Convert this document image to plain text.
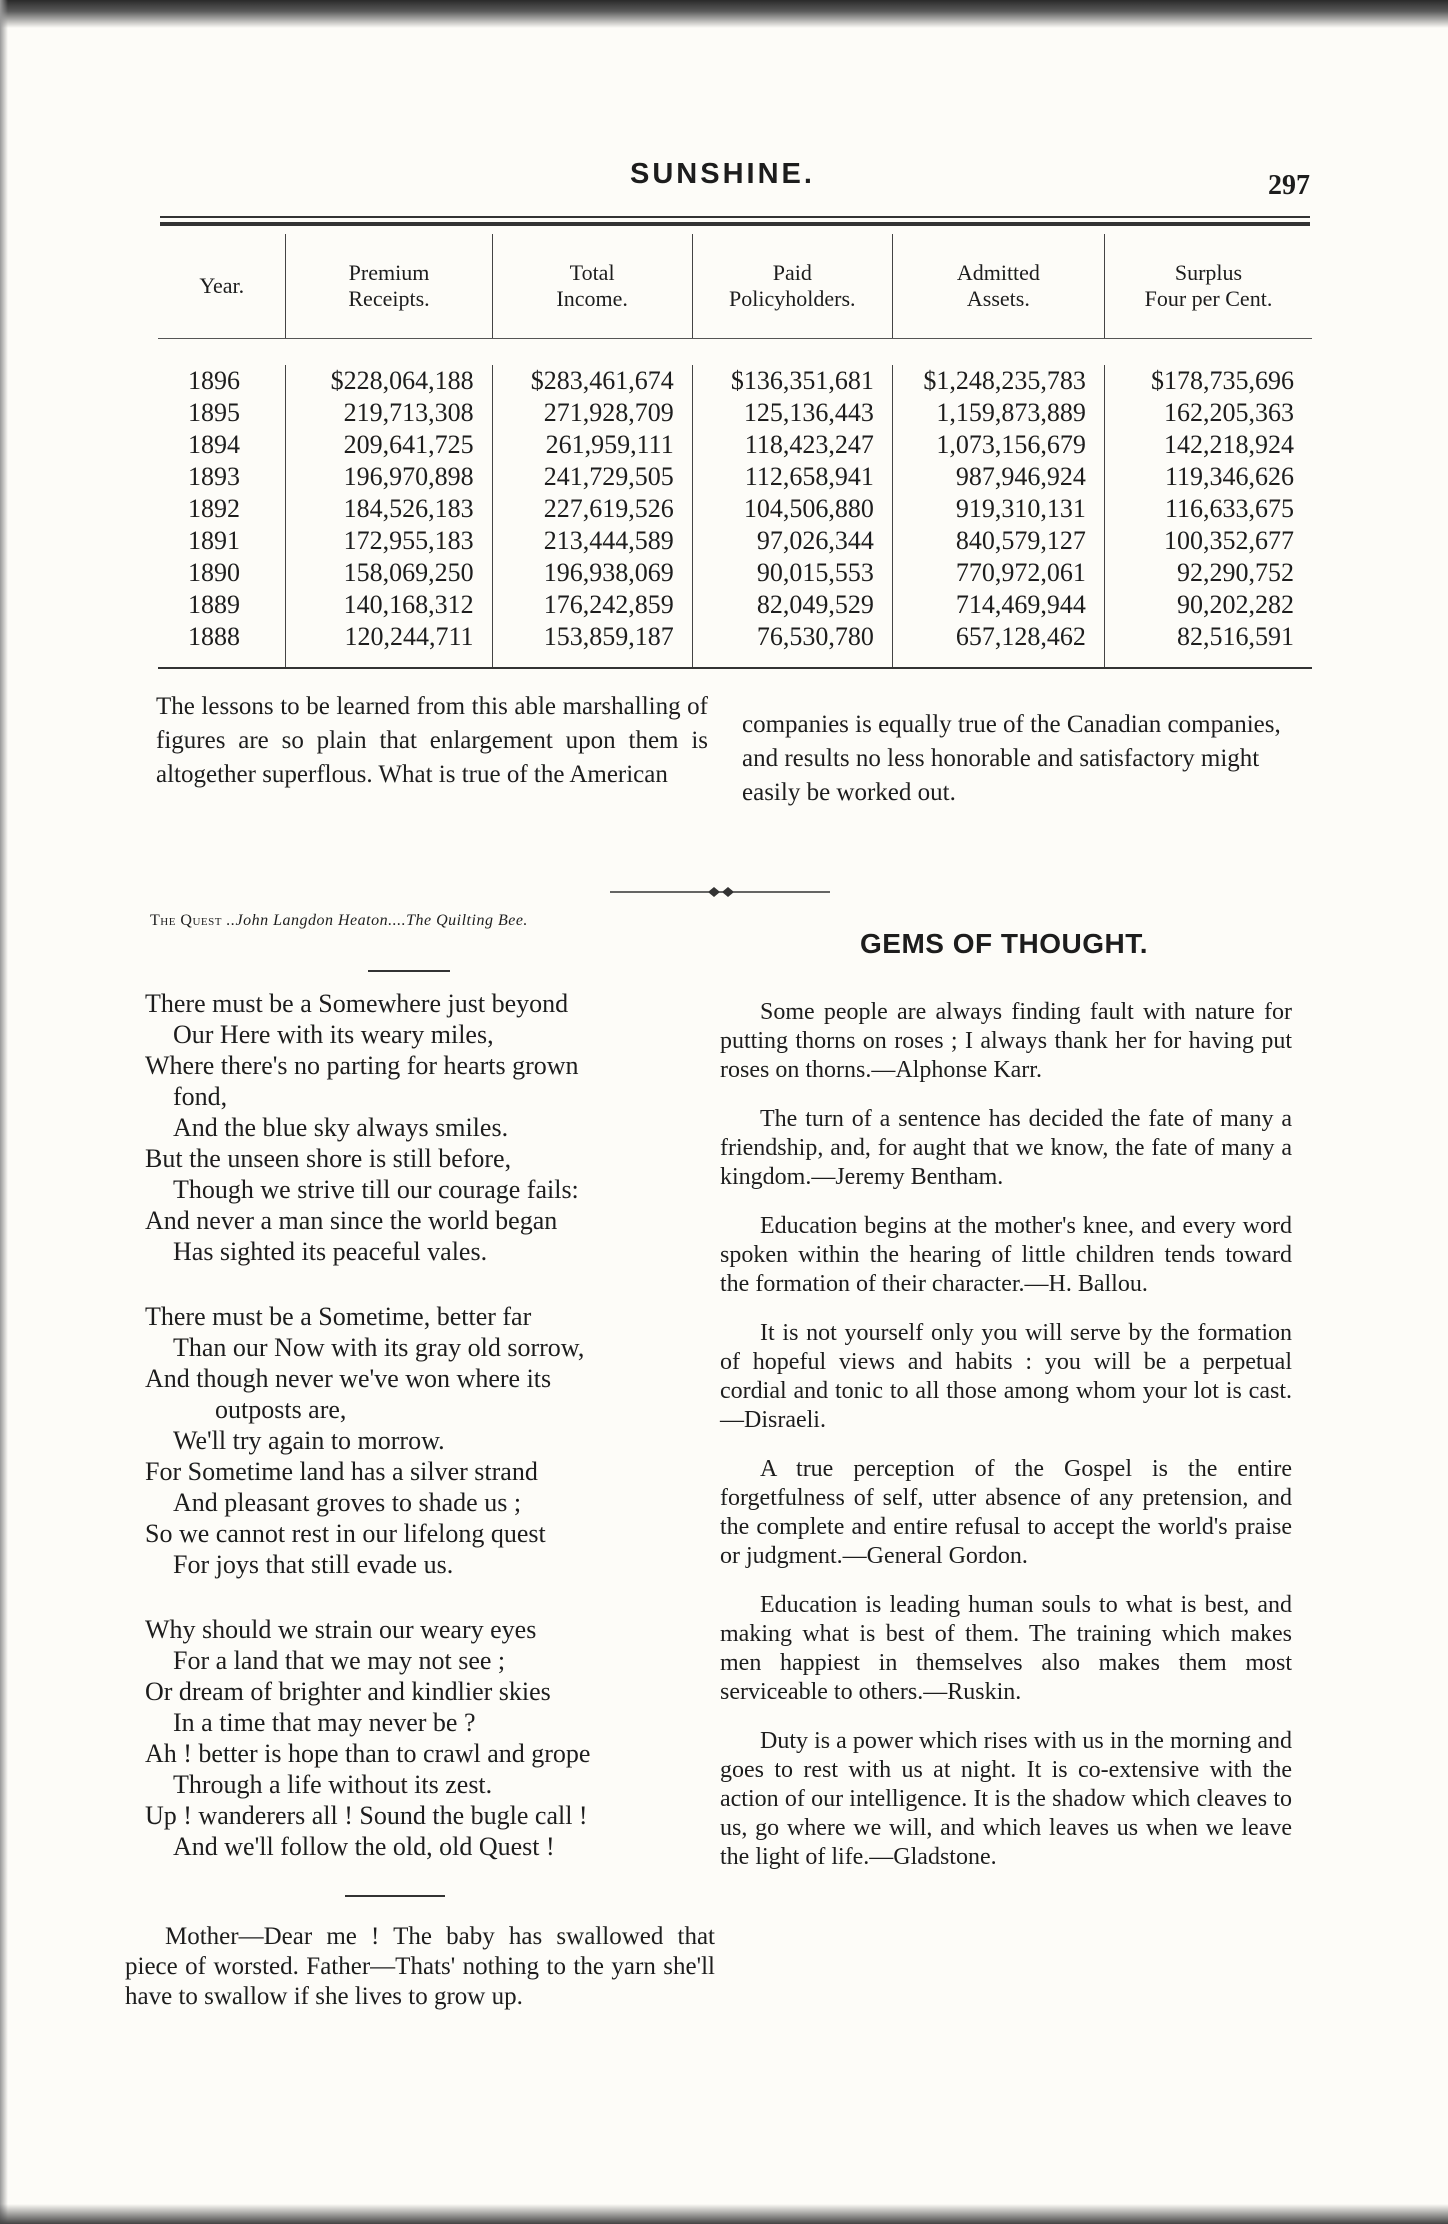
SUNSHINE.	297
Year.
Premium
Receipts.
Total
Income.
Paid
Policyholders.
Admitted
Assets.
Surplus
Four per Cent.
1896
1895
1894
1893
1892
1891
1890
1889
1888
$228,064,188
219,713,308
209,641,725
196,970,898
184,526,183
172,955,183
158,069,250
140,168,312
120,244,711
$283,461,674
271,928,709
261,959,111
241,729,505
227,619,526
213,444,589
196,938,069
176,242,859
153,859,187
$136,351,681
125,136,443
118,423,247
112,658,941
104,506,880
97,026,344
90,015,553
82,049,529
76,530,780
$1,248,235,783
1,159,873,889
1,073,156,679
987,946,924
919,310,131
840,579,127
770,972,061
714,469,944
657,128,462
$178,735,696
162,205,363
142,218,924
119,346,626
116,633,675
100,352,677
92,290,752
90,202,282
82,516,591

The lessons to be learned from this able marshalling of figures are so plain that enlargement upon them is altogether superflous. What is true of the American

companies is equally true of the Canadian companies, and results no less honorable and satisfactory might easily be worked out.

The Quest ..John Langdon Heaton....The Quilting Bee.
There must be a Somewhere just beyond
Our Here with its weary miles,
Where there's no parting for hearts grown
fond,
And the blue sky always smiles.
But the unseen shore is still before,
Though we strive till our courage fails:
And never a man since the world began
Has sighted its peaceful vales.
There must be a Sometime, better far
Than our Now with its gray old sorrow,
And though never we've won where its
outposts are,
We'll try again to morrow.
For Sometime land has a silver strand
And pleasant groves to shade us ;
So we cannot rest in our lifelong quest
For joys that still evade us.
Why should we strain our weary eyes
For a land that we may not see ;
Or dream of brighter and kindlier skies
In a time that may never be ?
Ah ! better is hope than to crawl and grope
Through a life without its zest.
Up ! wanderers all ! Sound the bugle call !
And we'll follow the old, old Quest !

Mother—Dear me ! The baby has swallowed that piece of worsted. Father—Thats' nothing to the yarn she'll have to swallow if she lives to grow up.

GEMS OF THOUGHT.

Some people are always finding fault with nature for putting thorns on roses ; I always thank her for having put roses on thorns.—Alphonse Karr.

The turn of a sentence has decided the fate of many a friendship, and, for aught that we know, the fate of many a kingdom.—Jeremy Bentham.

Education begins at the mother's knee, and every word spoken within the hearing of little children tends toward the formation of their character.—H. Ballou.

It is not yourself only you will serve by the formation of hopeful views and habits : you will be a perpetual cordial and tonic to all those among whom your lot is cast.—Disraeli.

A true perception of the Gospel is the entire forgetfulness of self, utter absence of any pretension, and the complete and entire refusal to accept the world's praise or judgment.—General Gordon.

Education is leading human souls to what is best, and making what is best of them. The training which makes men happiest in themselves also makes them most serviceable to others.—Ruskin.

Duty is a power which rises with us in the morning and goes to rest with us at night. It is co-extensive with the action of our intelligence. It is the shadow which cleaves to us, go where we will, and which leaves us when we leave the light of life.—Gladstone.
